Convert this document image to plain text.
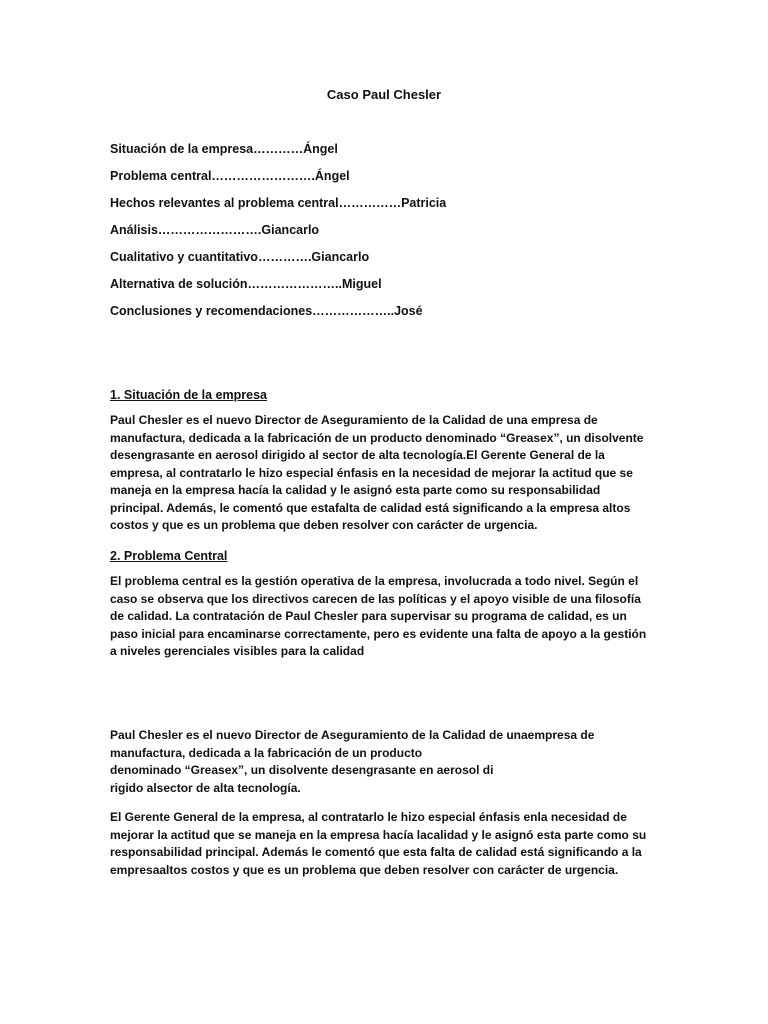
Caso Paul Chesler
Situación de la empresa…………Ángel
Problema central…………………….Ángel
Hechos relevantes al problema central……………Patricia
Análisis…………………….Giancarlo
Cualitativo y cuantitativo………….Giancarlo
Alternativa de solución…………………..Miguel
Conclusiones y recomendaciones………………..José
1. Situación de la empresa

Paul Chesler es el nuevo Director de Aseguramiento de la Calidad de una empresa de manufactura, dedicada a la fabricación de un producto denominado “Greasex”, un disolvente desengrasante en aerosol dirigido al sector de alta tecnología.El Gerente General de la empresa, al contratarlo le hizo especial énfasis en la necesidad de mejorar la actitud que se maneja en la empresa hacía la calidad y le asignó esta parte como su responsabilidad principal. Además, le comentó que estafalta de calidad está significando a la empresa altos costos y que es un problema que deben resolver con carácter de urgencia.

2. Problema Central

El problema central es la gestión operativa de la empresa, involucrada a todo nivel. Según el caso se observa que los directivos carecen de las políticas y el apoyo visible de una filosofía de calidad. La contratación de Paul Chesler para supervisar su programa de calidad, es un paso inicial para encaminarse correctamente, pero es evidente una falta de apoyo a la gestión a niveles gerenciales visibles para la calidad

Paul Chesler es el nuevo Director de Aseguramiento de la Calidad de unaempresa de
manufactura, dedicada a la fabricación de un producto
denominado “Greasex”, un disolvente desengrasante en aerosol di
rigido alsector de alta tecnología.

El Gerente General de la empresa, al contratarlo le hizo especial énfasis enla necesidad de
mejorar la actitud que se maneja en la empresa hacía lacalidad y le asignó esta parte como su
responsabilidad principal. Además le comentó que esta falta de calidad está significando a la
empresaaltos costos y que es un problema que deben resolver con carácter de urgencia.
